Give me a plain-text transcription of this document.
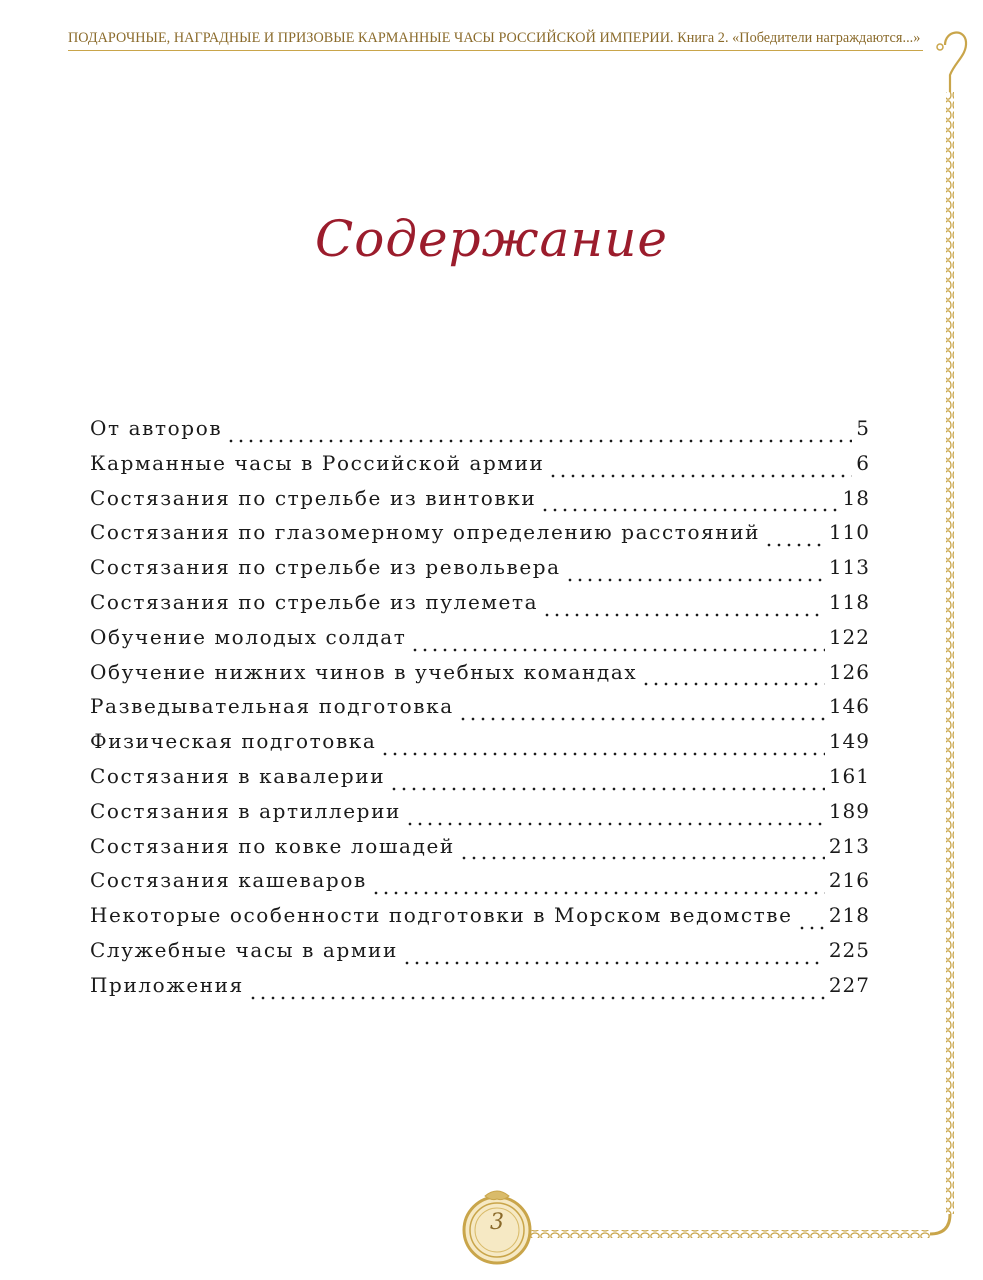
ПОДАРОЧНЫЕ, НАГРАДНЫЕ И ПРИЗОВЫЕ КАРМАННЫЕ ЧАСЫ РОССИЙСКОЙ ИМПЕРИИ. Книга 2. «Победители награждаются...»
Содержание
От авторов	5
Карманные часы в Российской армии	6
Состязания по стрельбе из винтовки	18
Состязания по глазомерному определению расстояний	110
Состязания по стрельбе из револьвера	113
Состязания по стрельбе из пулемета	118
Обучение молодых солдат	122
Обучение нижних чинов в учебных командах	126
Разведывательная подготовка	146
Физическая подготовка	149
Состязания в кавалерии	161
Состязания в артиллерии	189
Состязания по ковке лошадей	213
Состязания кашеваров	216
Некоторые особенности подготовки в Морском ведомстве 218
Служебные часы в армии	225
Приложения	227
3
